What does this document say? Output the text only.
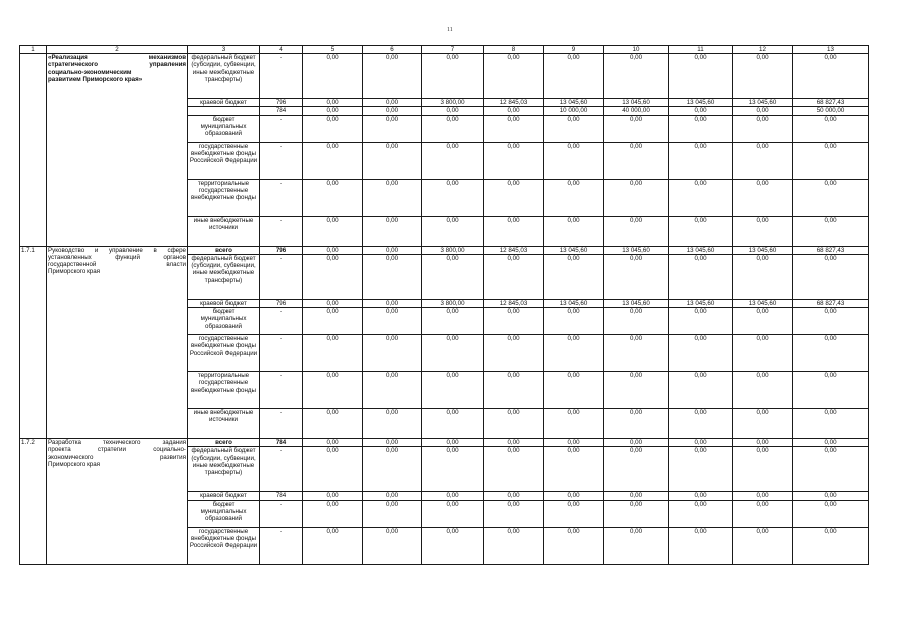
11
1	2	3	4	5	6	7	8	9	10	11	12	13

	«Реализация механизмов
стратегического управления
социально-экономическим
развитием Приморского края»	федеральный бюджет (субсидии, субвенции, иные межбюджетные трансферты)	-	0,00	0,00	0,00	0,00	0,00	0,00	0,00	0,00	0,00
		краевой бюджет	796	0,00	0,00	3 800,00	12 845,03	13 045,60	13 045,60	13 045,60	13 045,60	68 827,43
			784	0,00	0,00	0,00	0,00	10 000,00	40 000,00	0,00	0,00	50 000,00
		бюджет муниципальных образований	-	0,00	0,00	0,00	0,00	0,00	0,00	0,00	0,00	0,00
		государственные внебюджетные фонды Российской Федерации	-	0,00	0,00	0,00	0,00	0,00	0,00	0,00	0,00	0,00
		территориальные государственные внебюджетные фонды	-	0,00	0,00	0,00	0,00	0,00	0,00	0,00	0,00	0,00
		иные внебюджетные источники	-	0,00	0,00	0,00	0,00	0,00	0,00	0,00	0,00	0,00
1.7.1	Руководство и управление в сфере
установленных функций органов
государственной власти
Приморского края	всего	796	0,00	0,00	3 800,00	12 845,03	13 045,60	13 045,60	13 045,60	13 045,60	68 827,43
		федеральный бюджет (субсидии, субвенции, иные межбюджетные трансферты)	-	0,00	0,00	0,00	0,00	0,00	0,00	0,00	0,00	0,00
		краевой бюджет	796	0,00	0,00	3 800,00	12 845,03	13 045,60	13 045,60	13 045,60	13 045,60	68 827,43
		бюджет муниципальных образований	-	0,00	0,00	0,00	0,00	0,00	0,00	0,00	0,00	0,00
		государственные внебюджетные фонды Российской Федерации	-	0,00	0,00	0,00	0,00	0,00	0,00	0,00	0,00	0,00
		территориальные государственные внебюджетные фонды	-	0,00	0,00	0,00	0,00	0,00	0,00	0,00	0,00	0,00
		иные внебюджетные источники	-	0,00	0,00	0,00	0,00	0,00	0,00	0,00	0,00	0,00
1.7.2	Разработка технического задания
проекта стратегии социально-
экономического развития
Приморского края	всего	784	0,00	0,00	0,00	0,00	0,00	0,00	0,00	0,00	0,00
		федеральный бюджет (субсидии, субвенции, иные межбюджетные трансферты)	-	0,00	0,00	0,00	0,00	0,00	0,00	0,00	0,00	0,00
		краевой бюджет	784	0,00	0,00	0,00	0,00	0,00	0,00	0,00	0,00	0,00
		бюджет муниципальных образований	-	0,00	0,00	0,00	0,00	0,00	0,00	0,00	0,00	0,00
		государственные внебюджетные фонды Российской Федерации	-	0,00	0,00	0,00	0,00	0,00	0,00	0,00	0,00	0,00
